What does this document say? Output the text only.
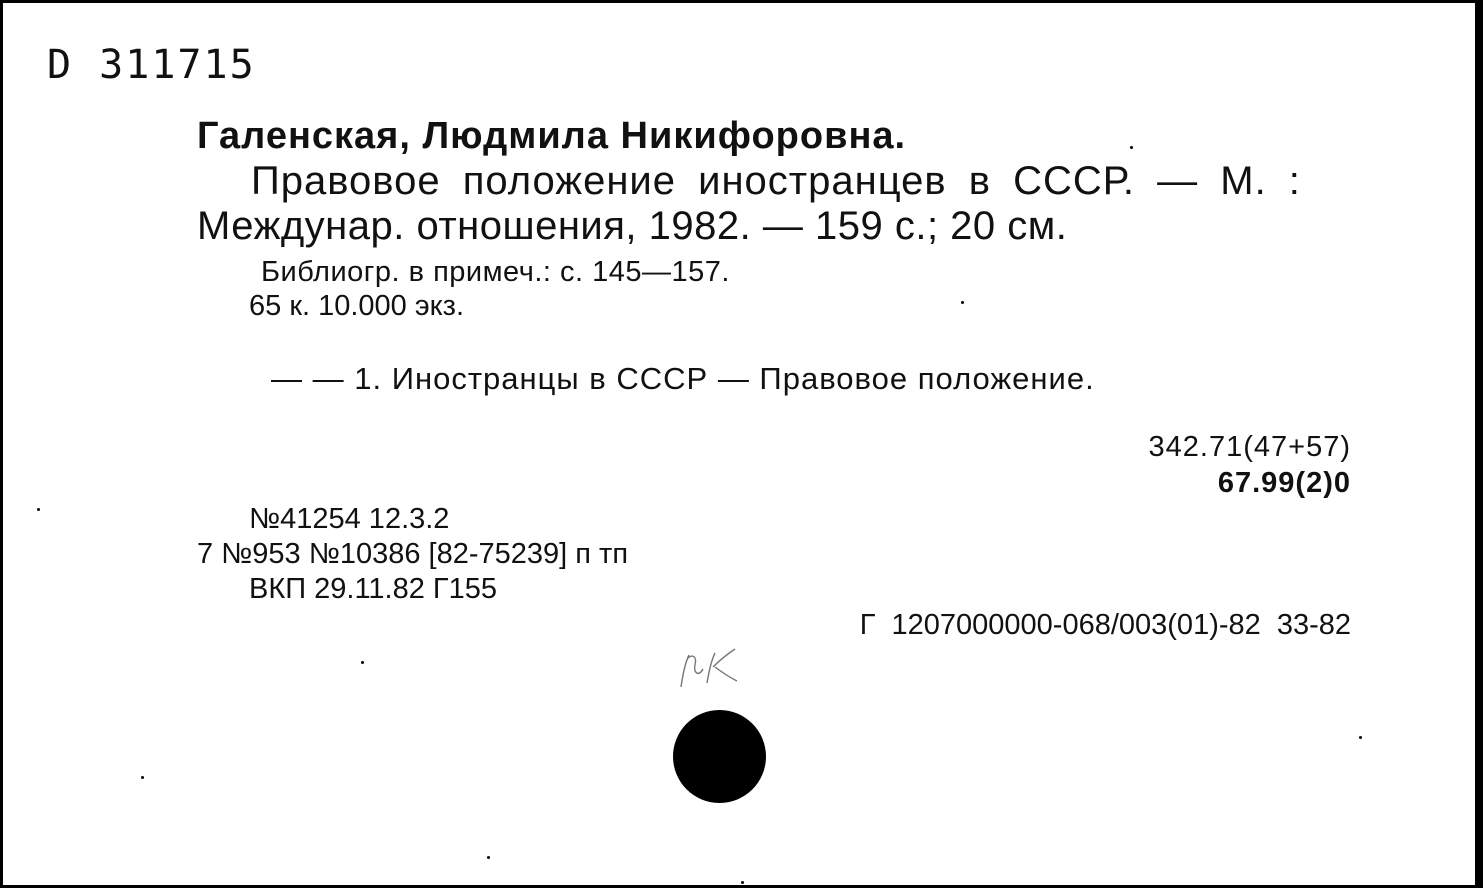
D 311715
Галенская, Людмила Никифоровна.
Правовое положение иностранцев в СССР. — М. :
Междунар. отношения, 1982. — 159 с.; 20 см.
Библиогр. в примеч.: с. 145—157.
65 к. 10.000 экз.
— — 1. Иностранцы в СССР — Правовое положение.
342.71(47+57)
67.99(2)0
№41254 12.3.2
7 №953 №10386 [82-75239] п тп
ВКП 29.11.82 Г155
Г 1207000000-068/003(01)-82 33-82
